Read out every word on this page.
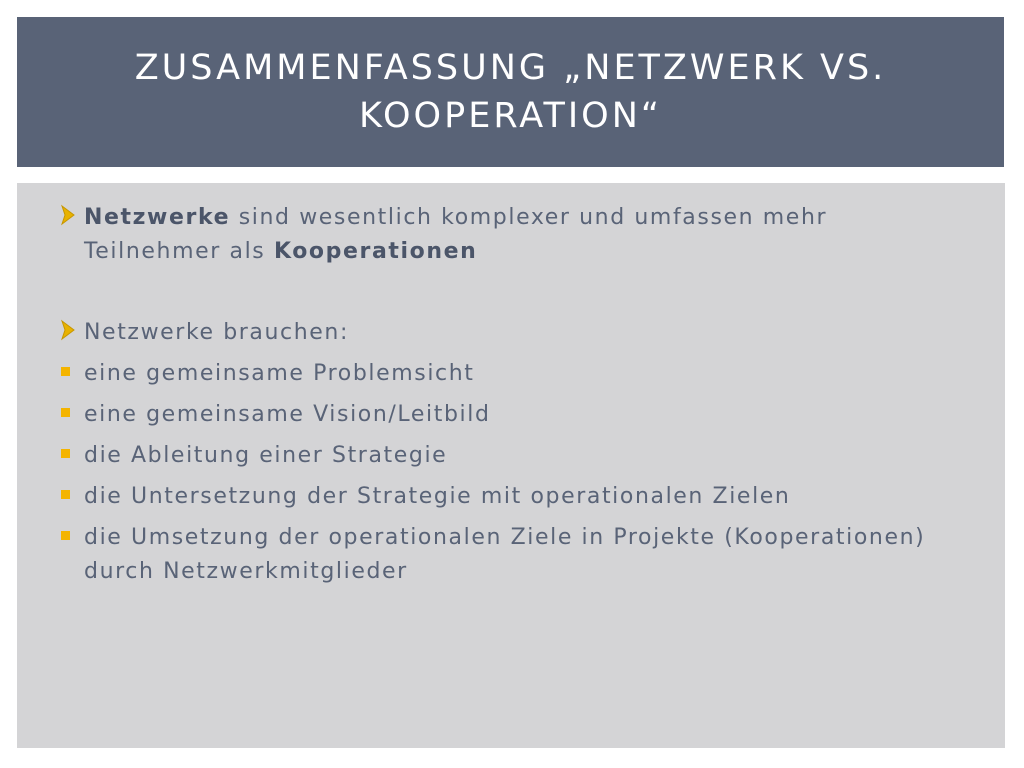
ZUSAMMENFASSUNG „NETZWERK VS. KOOPERATION“

Netzwerke sind wesentlich komplexer und umfassen mehr Teilnehmer als Kooperationen

Netzwerke brauchen:

eine gemeinsame Problemsicht

eine gemeinsame Vision/Leitbild

die Ableitung einer Strategie

die Untersetzung der Strategie mit operationalen Zielen

die Umsetzung der operationalen Ziele in Projekte (Kooperationen) durch Netzwerkmitglieder
